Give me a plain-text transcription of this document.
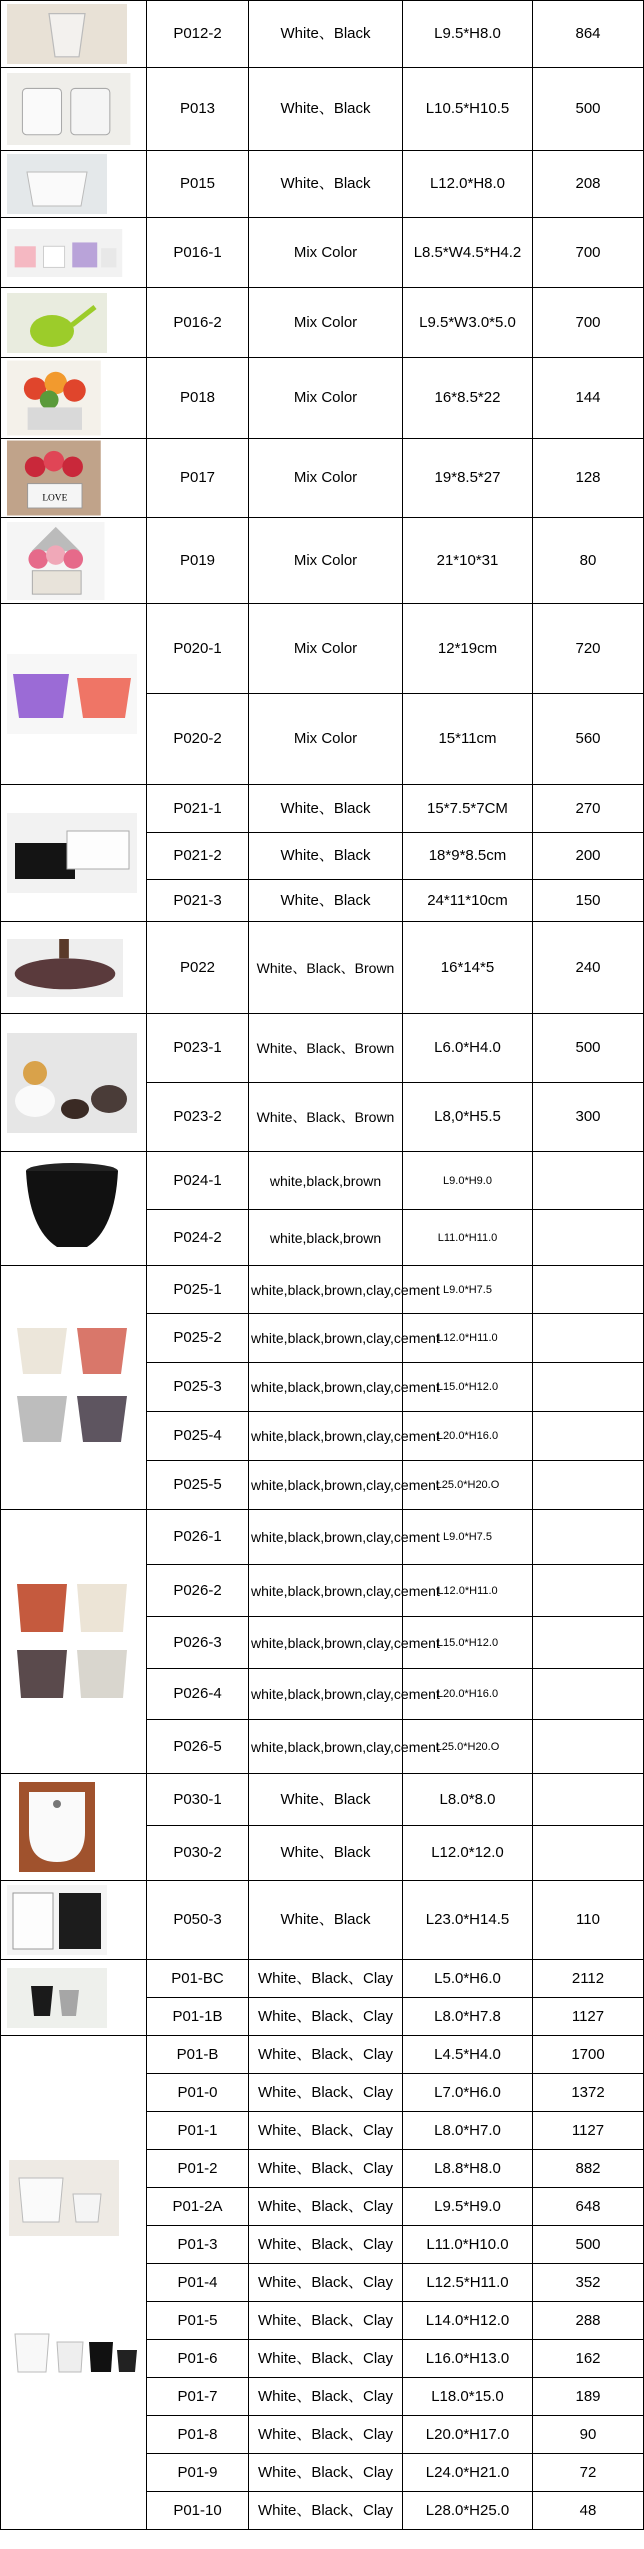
	P012-2	White、Black	L9.5*H8.0	864

	P013	White、Black	L10.5*H10.5	500

	P015	White、Black	L12.0*H8.0	208

	P016-1	Mix Color	L8.5*W4.5*H4.2	700

	P016-2	Mix Color	L9.5*W3.0*5.0	700

	P018	Mix Color	16*8.5*22	144

LOVE	P017	Mix Color	19*8.5*27	128

	P019	Mix Color	21*10*31	80

	P020-1	Mix Color	12*19cm	720
	P020-2	Mix Color	15*11cm	560

	P021-1	White、Black	15*7.5*7CM	270
	P021-2	White、Black	18*9*8.5cm	200
	P021-3	White、Black	24*11*10cm	150

	P022	White、Black、Brown	16*14*5	240

	P023-1	White、Black、Brown	L6.0*H4.0	500
	P023-2	White、Black、Brown	L8,0*H5.5	300

	P024-1	white,black,brown	L9.0*H9.0	
	P024-2	white,black,brown	L11.0*H11.0	

	P025-1	white,black,brown,clay,cement	L9.0*H7.5	
	P025-2	white,black,brown,clay,cement	L12.0*H11.0	
	P025-3	white,black,brown,clay,cement	L15.0*H12.0	
	P025-4	white,black,brown,clay,cement	L20.0*H16.0	
	P025-5	white,black,brown,clay,cement	L25.0*H20.O	

	P026-1	white,black,brown,clay,cement	L9.0*H7.5	
	P026-2	white,black,brown,clay,cement	L12.0*H11.0	
	P026-3	white,black,brown,clay,cement	L15.0*H12.0	
	P026-4	white,black,brown,clay,cement	L20.0*H16.0	
	P026-5	white,black,brown,clay,cement	L25.0*H20.O	

	P030-1	White、Black	L8.0*8.0	
	P030-2	White、Black	L12.0*12.0	

	P050-3	White、Black	L23.0*H14.5	110

	P01-BC	White、Black、Clay	L5.0*H6.0	2112
	P01-1B	White、Black、Clay	L8.0*H7.8	1127

	P01-B	White、Black、Clay	L4.5*H4.0	1700
	P01-0	White、Black、Clay	L7.0*H6.0	1372
	P01-1	White、Black、Clay	L8.0*H7.0	1127
	P01-2	White、Black、Clay	L8.8*H8.0	882
	P01-2A	White、Black、Clay	L9.5*H9.0	648
	P01-3	White、Black、Clay	L11.0*H10.0	500
	P01-4	White、Black、Clay	L12.5*H11.0	352
	P01-5	White、Black、Clay	L14.0*H12.0	288
	P01-6	White、Black、Clay	L16.0*H13.0	162
	P01-7	White、Black、Clay	L18.0*15.0	189
	P01-8	White、Black、Clay	L20.0*H17.0	90
	P01-9	White、Black、Clay	L24.0*H21.0	72
	P01-10	White、Black、Clay	L28.0*H25.0	48
